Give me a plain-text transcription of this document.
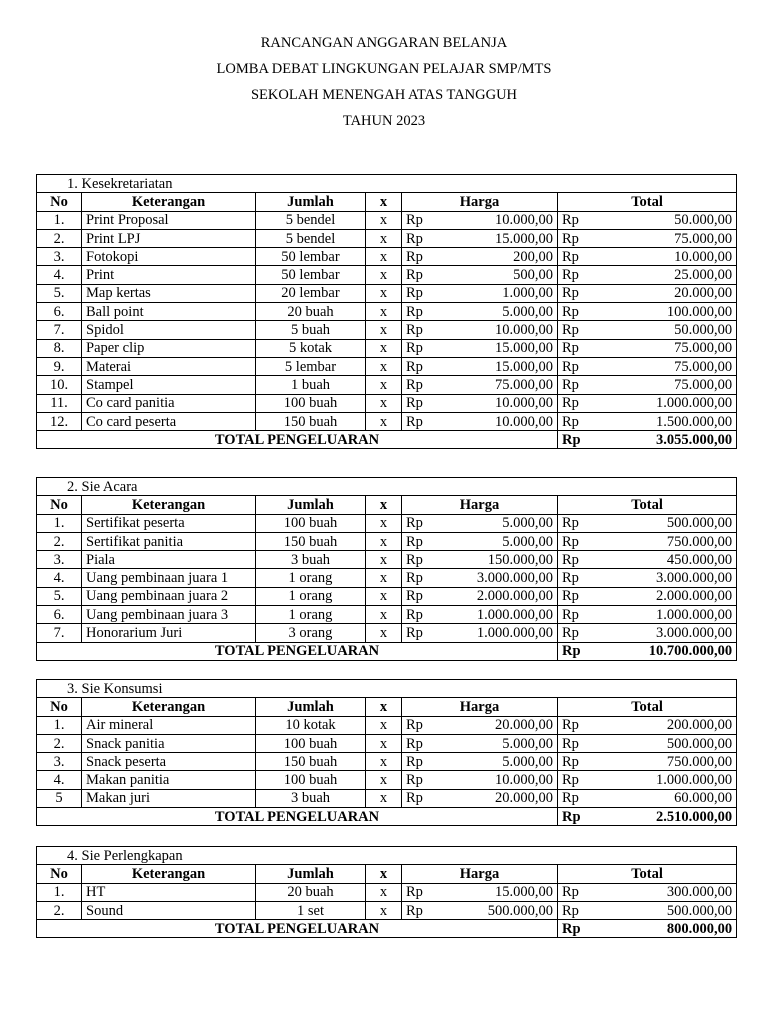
RANCANGAN ANGGARAN BELANJA
LOMBA DEBAT LINGKUNGAN PELAJAR SMP/MTS
SEKOLAH MENENGAH ATAS TANGGUH
TAHUN 2023
1. Kesekretariatan							
No	Keterangan	Jumlah	x	Harga		Total	
1.	Print Proposal	5 bendel	x	Rp	10.000,00	Rp	50.000,00
2.	Print LPJ	5 bendel	x	Rp	15.000,00	Rp	75.000,00
3.	Fotokopi	50 lembar	x	Rp	200,00	Rp	10.000,00
4.	Print	50 lembar	x	Rp	500,00	Rp	25.000,00
5.	Map kertas	20 lembar	x	Rp	1.000,00	Rp	20.000,00
6.	Ball point	20 buah	x	Rp	5.000,00	Rp	100.000,00
7.	Spidol	5 buah	x	Rp	10.000,00	Rp	50.000,00
8.	Paper clip	5 kotak	x	Rp	15.000,00	Rp	75.000,00
9.	Materai	5 lembar	x	Rp	15.000,00	Rp	75.000,00
10.	Stampel	1 buah	x	Rp	75.000,00	Rp	75.000,00
11.	Co card panitia	100 buah	x	Rp	10.000,00	Rp	1.000.000,00
12.	Co card peserta	150 buah	x	Rp	10.000,00	Rp	1.500.000,00
TOTAL PENGELUARAN						Rp	3.055.000,00
2. Sie Acara							
No	Keterangan	Jumlah	x	Harga		Total	
1.	Sertifikat peserta	100 buah	x	Rp	5.000,00	Rp	500.000,00
2.	Sertifikat panitia	150 buah	x	Rp	5.000,00	Rp	750.000,00
3.	Piala	3 buah	x	Rp	150.000,00	Rp	450.000,00
4.	Uang pembinaan juara 1	1 orang	x	Rp	3.000.000,00	Rp	3.000.000,00
5.	Uang pembinaan juara 2	1 orang	x	Rp	2.000.000,00	Rp	2.000.000,00
6.	Uang pembinaan juara 3	1 orang	x	Rp	1.000.000,00	Rp	1.000.000,00
7.	Honorarium Juri	3 orang	x	Rp	1.000.000,00	Rp	3.000.000,00
TOTAL PENGELUARAN						Rp	10.700.000,00
3. Sie Konsumsi							
No	Keterangan	Jumlah	x	Harga		Total	
1.	Air mineral	10 kotak	x	Rp	20.000,00	Rp	200.000,00
2.	Snack panitia	100 buah	x	Rp	5.000,00	Rp	500.000,00
3.	Snack peserta	150 buah	x	Rp	5.000,00	Rp	750.000,00
4.	Makan panitia	100 buah	x	Rp	10.000,00	Rp	1.000.000,00
5	Makan juri	3 buah	x	Rp	20.000,00	Rp	60.000,00
TOTAL PENGELUARAN						Rp	2.510.000,00
4. Sie Perlengkapan							
No	Keterangan	Jumlah	x	Harga		Total	
1.	HT	20 buah	x	Rp	15.000,00	Rp	300.000,00
2.	Sound	1 set	x	Rp	500.000,00	Rp	500.000,00
TOTAL PENGELUARAN						Rp	800.000,00
